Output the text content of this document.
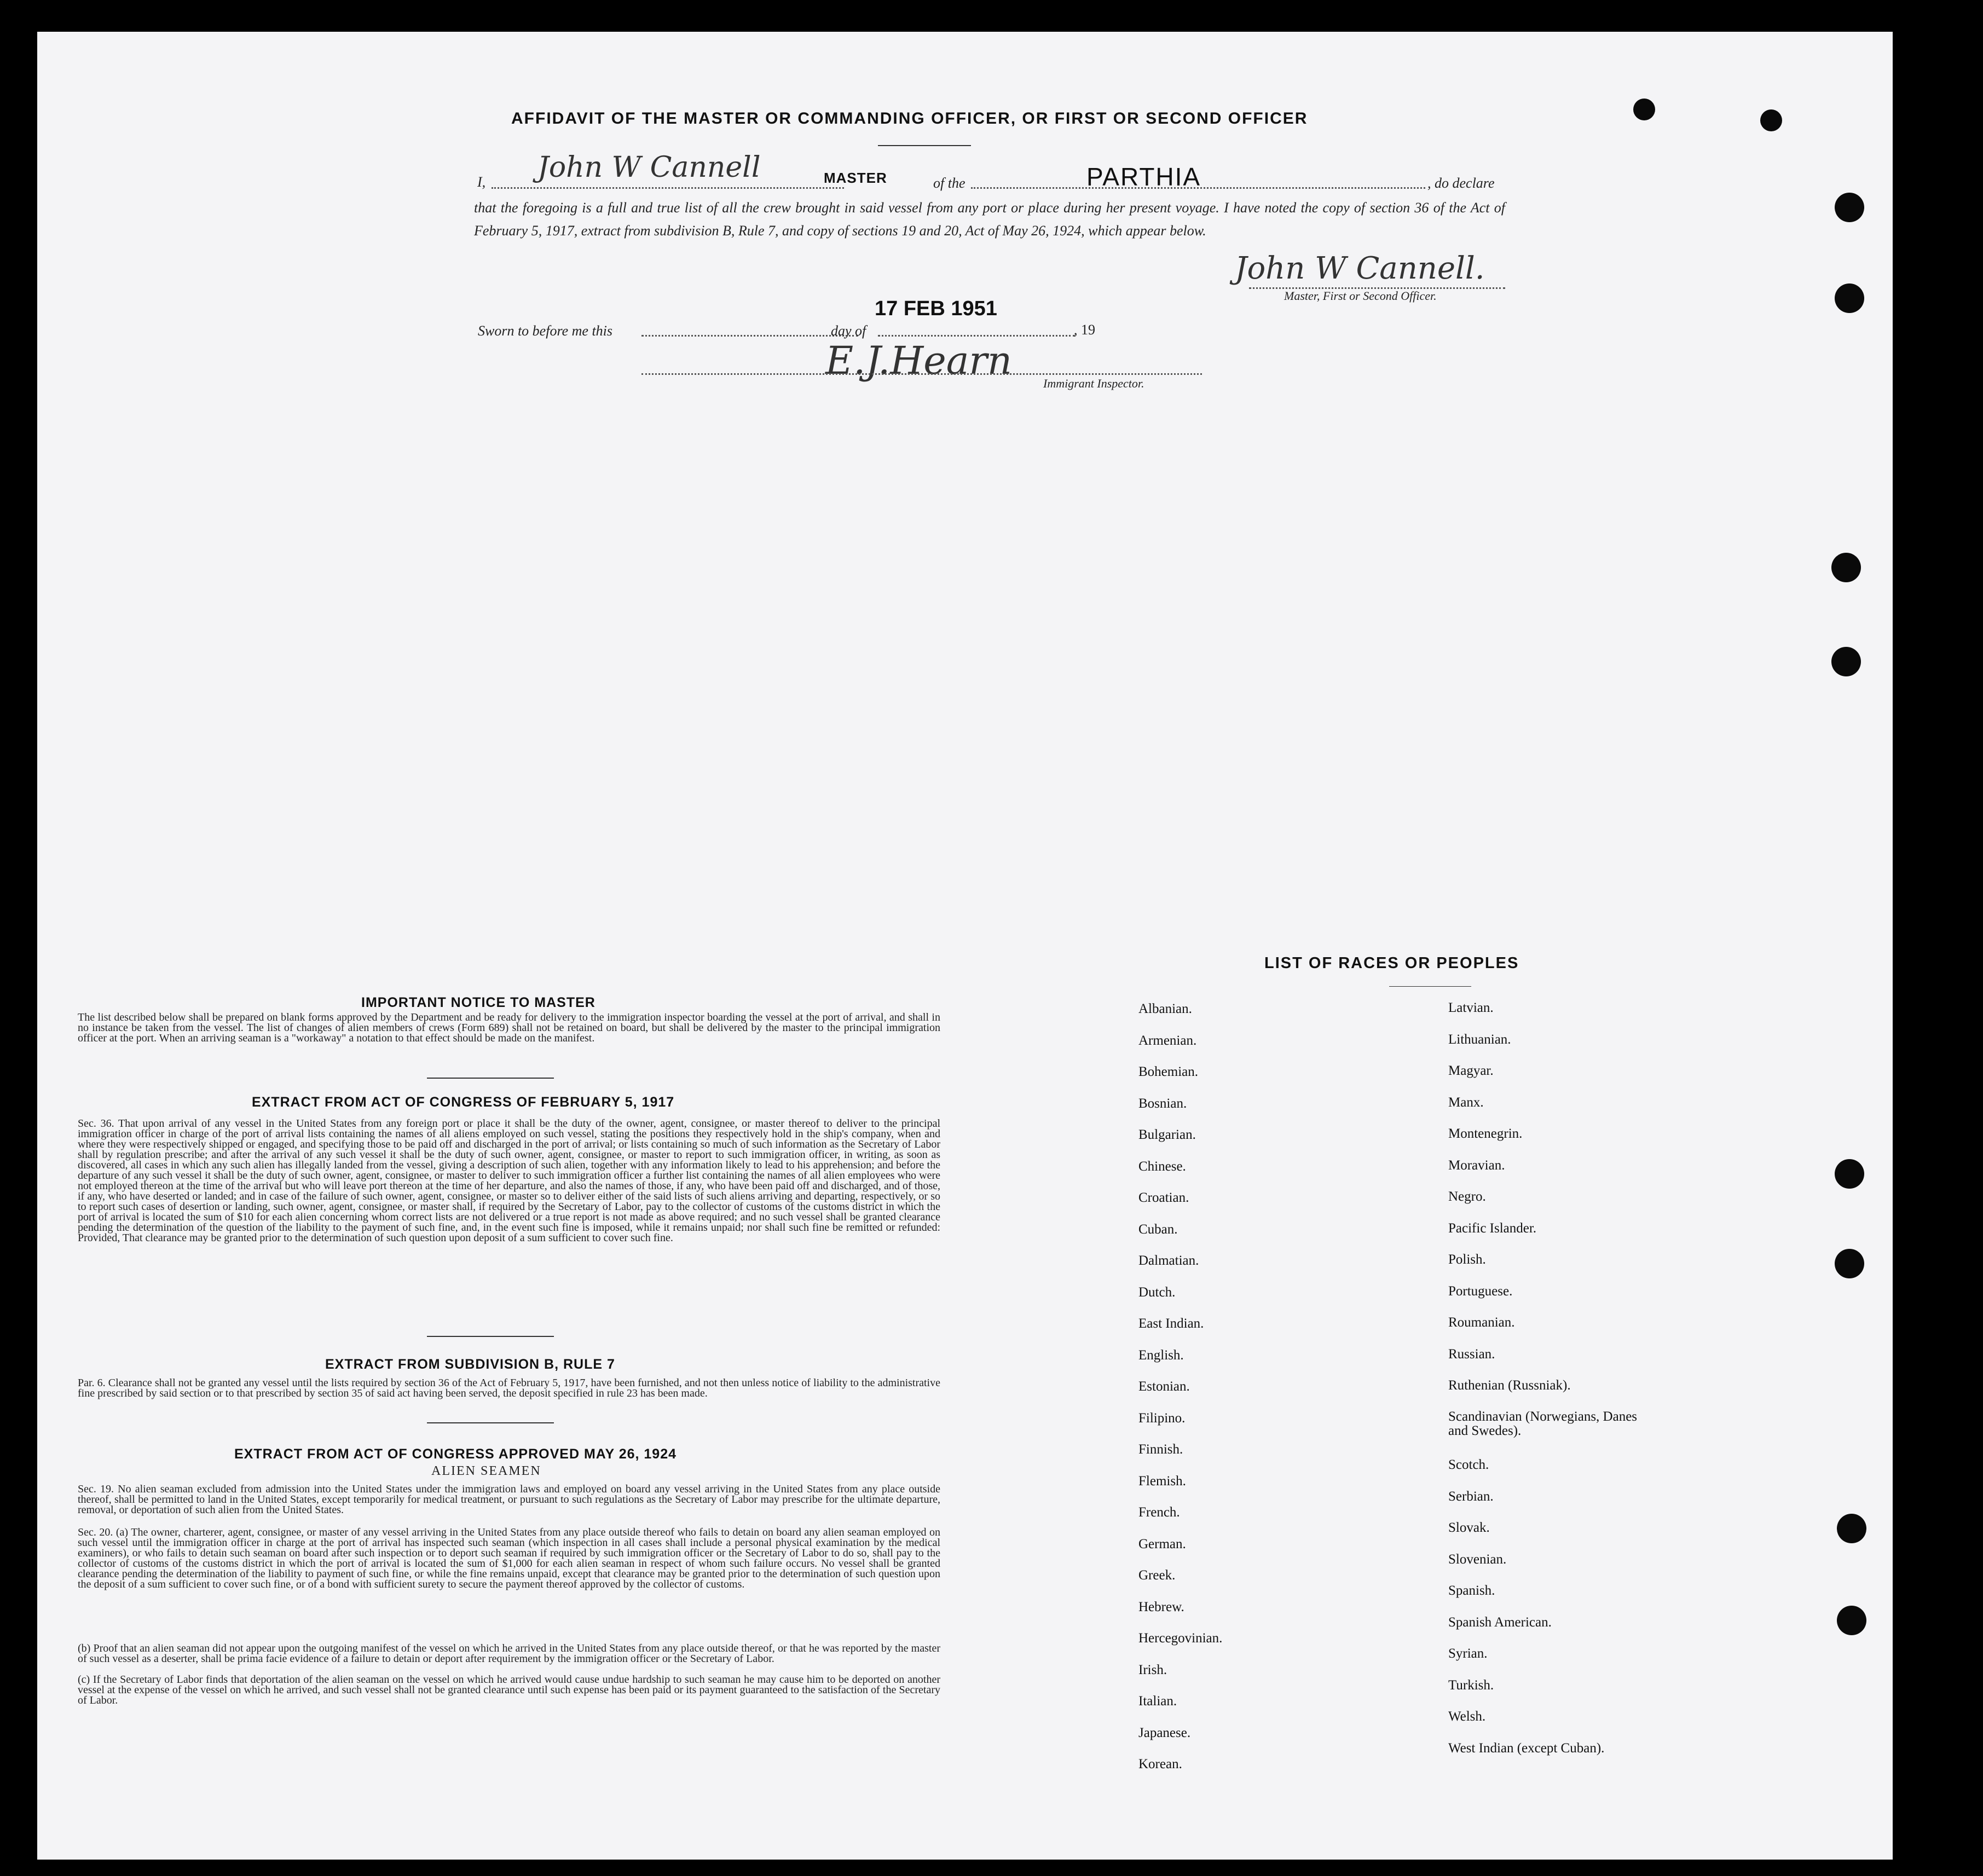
AFFIDAVIT OF THE MASTER OR COMMANDING OFFICER, OR FIRST OR SECOND OFFICER
I, John W Cannell	MASTER	of the	PARTHIA	, do declare
that the foregoing is a full and true list of all the crew brought in said vessel from any port or place during her present voyage. I have noted the copy of section 36 of the Act of February 5, 1917, extract from subdivision B, Rule 7, and copy of sections 19 and 20, Act of May 26, 1924, which appear below.
John W Cannell.
Master, First or Second Officer.
17 FEB 1951
Sworn to before me this	day of	, 19
E.J.Hearn
Immigrant Inspector.
IMPORTANT NOTICE TO MASTER
The list described below shall be prepared on blank forms approved by the Department and be ready for delivery to the immigration inspector boarding the vessel at the port of arrival, and shall in no instance be taken from the vessel. The list of changes of alien members of crews (Form 689) shall not be retained on board, but shall be delivered by the master to the principal immigration officer at the port. When an arriving seaman is a "workaway" a notation to that effect should be made on the manifest.
EXTRACT FROM ACT OF CONGRESS OF FEBRUARY 5, 1917
Sec. 36. That upon arrival of any vessel in the United States from any foreign port or place it shall be the duty of the owner, agent, consignee, or master thereof to deliver to the principal immigration officer in charge of the port of arrival lists containing the names of all aliens employed on such vessel, stating the positions they respectively hold in the ship's company, when and where they were respectively shipped or engaged, and specifying those to be paid off and discharged in the port of arrival; or lists containing so much of such information as the Secretary of Labor shall by regulation prescribe; and after the arrival of any such vessel it shall be the duty of such owner, agent, consignee, or master to report to such immigration officer, in writing, as soon as discovered, all cases in which any such alien has illegally landed from the vessel, giving a description of such alien, together with any information likely to lead to his apprehension; and before the departure of any such vessel it shall be the duty of such owner, agent, consignee, or master to deliver to such immigration officer a further list containing the names of all alien employees who were not employed thereon at the time of the arrival but who will leave port thereon at the time of her departure, and also the names of those, if any, who have been paid off and discharged, and of those, if any, who have deserted or landed; and in case of the failure of such owner, agent, consignee, or master so to deliver either of the said lists of such aliens arriving and departing, respectively, or so to report such cases of desertion or landing, such owner, agent, consignee, or master shall, if required by the Secretary of Labor, pay to the collector of customs of the customs district in which the port of arrival is located the sum of $10 for each alien concerning whom correct lists are not delivered or a true report is not made as above required; and no such vessel shall be granted clearance pending the determination of the question of the liability to the payment of such fine, and, in the event such fine is imposed, while it remains unpaid; nor shall such fine be remitted or refunded: Provided, That clearance may be granted prior to the determination of such question upon deposit of a sum sufficient to cover such fine.
EXTRACT FROM SUBDIVISION B, RULE 7
Par. 6. Clearance shall not be granted any vessel until the lists required by section 36 of the Act of February 5, 1917, have been furnished, and not then unless notice of liability to the administrative fine prescribed by said section or to that prescribed by section 35 of said act having been served, the deposit specified in rule 23 has been made.
EXTRACT FROM ACT OF CONGRESS APPROVED MAY 26, 1924
ALIEN SEAMEN
Sec. 19. No alien seaman excluded from admission into the United States under the immigration laws and employed on board any vessel arriving in the United States from any place outside thereof, shall be permitted to land in the United States, except temporarily for medical treatment, or pursuant to such regulations as the Secretary of Labor may prescribe for the ultimate departure, removal, or deportation of such alien from the United States.
Sec. 20. (a) The owner, charterer, agent, consignee, or master of any vessel arriving in the United States from any place outside thereof who fails to detain on board any alien seaman employed on such vessel until the immigration officer in charge at the port of arrival has inspected such seaman (which inspection in all cases shall include a personal physical examination by the medical examiners), or who fails to detain such seaman on board after such inspection or to deport such seaman if required by such immigration officer or the Secretary of Labor to do so, shall pay to the collector of customs of the customs district in which the port of arrival is located the sum of $1,000 for each alien seaman in respect of whom such failure occurs. No vessel shall be granted clearance pending the determination of the liability to payment of such fine, or while the fine remains unpaid, except that clearance may be granted prior to the determination of such question upon the deposit of a sum sufficient to cover such fine, or of a bond with sufficient surety to secure the payment thereof approved by the collector of customs.
(b) Proof that an alien seaman did not appear upon the outgoing manifest of the vessel on which he arrived in the United States from any place outside thereof, or that he was reported by the master of such vessel as a deserter, shall be prima facie evidence of a failure to detain or deport after requirement by the immigration officer or the Secretary of Labor.
(c) If the Secretary of Labor finds that deportation of the alien seaman on the vessel on which he arrived would cause undue hardship to such seaman he may cause him to be deported on another vessel at the expense of the vessel on which he arrived, and such vessel shall not be granted clearance until such expense has been paid or its payment guaranteed to the satisfaction of the Secretary of Labor.
LIST OF RACES OR PEOPLES
Albanian.
Armenian.
Bohemian.
Bosnian.
Bulgarian.
Chinese.
Croatian.
Cuban.
Dalmatian.
Dutch.
East Indian.
English.
Estonian.
Filipino.
Finnish.
Flemish.
French.
German.
Greek.
Hebrew.
Hercegovinian.
Irish.
Italian.
Japanese.
Korean.
Latvian.
Lithuanian.
Magyar.
Manx.
Montenegrin.
Moravian.
Negro.
Pacific Islander.
Polish.
Portuguese.
Roumanian.
Russian.
Ruthenian (Russniak).
Scandinavian (Norwegians, Danes and Swedes).
Scotch.
Serbian.
Slovak.
Slovenian.
Spanish.
Spanish American.
Syrian.
Turkish.
Welsh.
West Indian (except Cuban).
